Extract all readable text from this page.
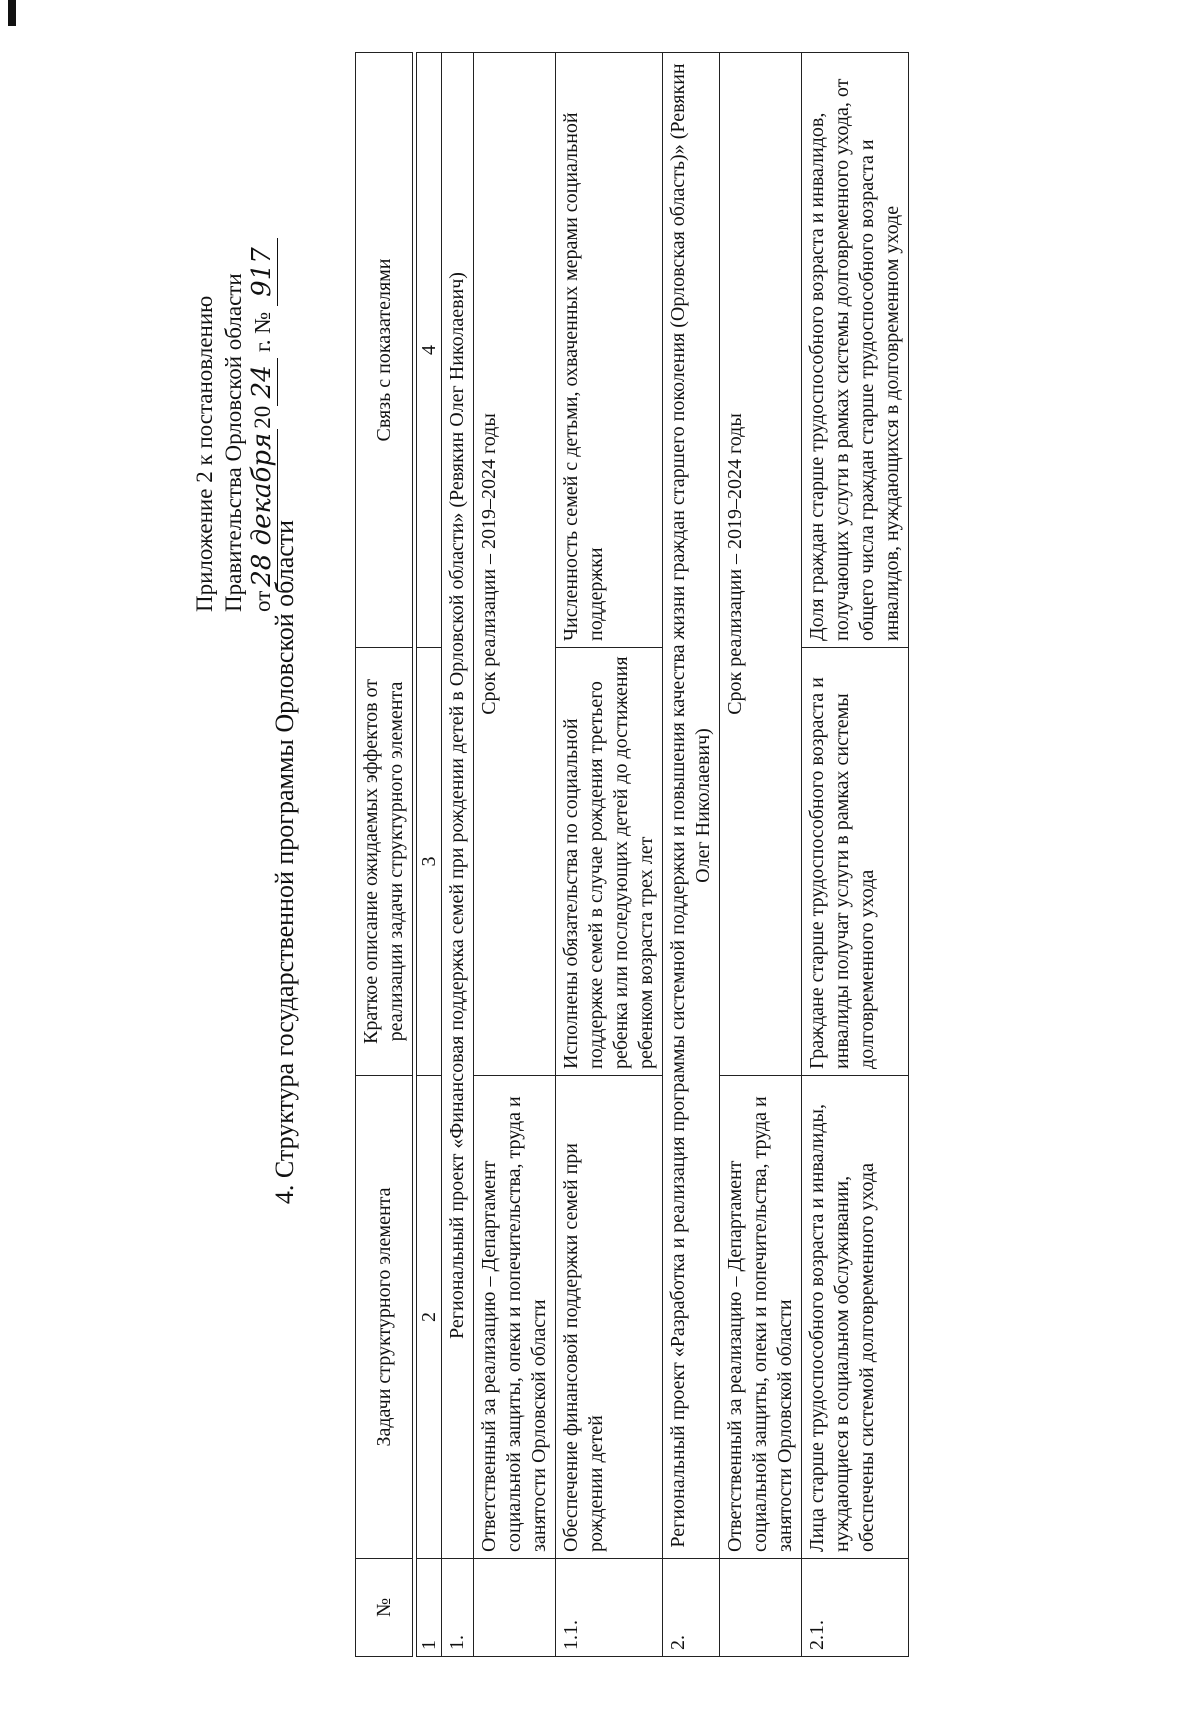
Приложение 2 к постановлению Правительства Орловской области от28 декабря2024 г. № 917
4. Структура государственной программы Орловской области
№	Задачи структурного элемента	Краткое описание ожидаемых эффектов от реализации задачи структурного элемента	Связь с показателями

1	2	3	4
1.	Региональный проект «Финансовая поддержка семей при рождении детей в Орловской области» (Ревякин Олег Николаевич)		
	Ответственный за реализацию – Департамент социальной защиты, опеки и попечительства, труда и занятости Орловской области	Срок реализации – 2019–2024 годы	
1.1.	Обеспечение финансовой поддержки семей при рождении детей	Исполнены обязательства по социальной поддержке семей в случае рождения третьего ребенка или последующих детей до достижения ребенком возраста трех лет	Численность семей с детьми, охваченных мерами социальной поддержки
2.	Региональный проект «Разработка и реализация программы системной поддержки и повышения качества жизни граждан старшего поколения (Орловская область)» (Ревякин Олег Николаевич)		
	Ответственный за реализацию – Департамент социальной защиты, опеки и попечительства, труда и занятости Орловской области	Срок реализации – 2019–2024 годы	
2.1.	Лица старше трудоспособного возраста и инвалиды, нуждающиеся в социальном обслуживании, обеспечены системой долговременного ухода	Граждане старше трудоспособного возраста и инвалиды получат услуги в рамках системы долговременного ухода	Доля граждан старше трудоспособного возраста и инвалидов, получающих услуги в рамках системы долговременного ухода, от общего числа граждан старше трудоспособного возраста и инвалидов, нуждающихся в долговременном уходе
